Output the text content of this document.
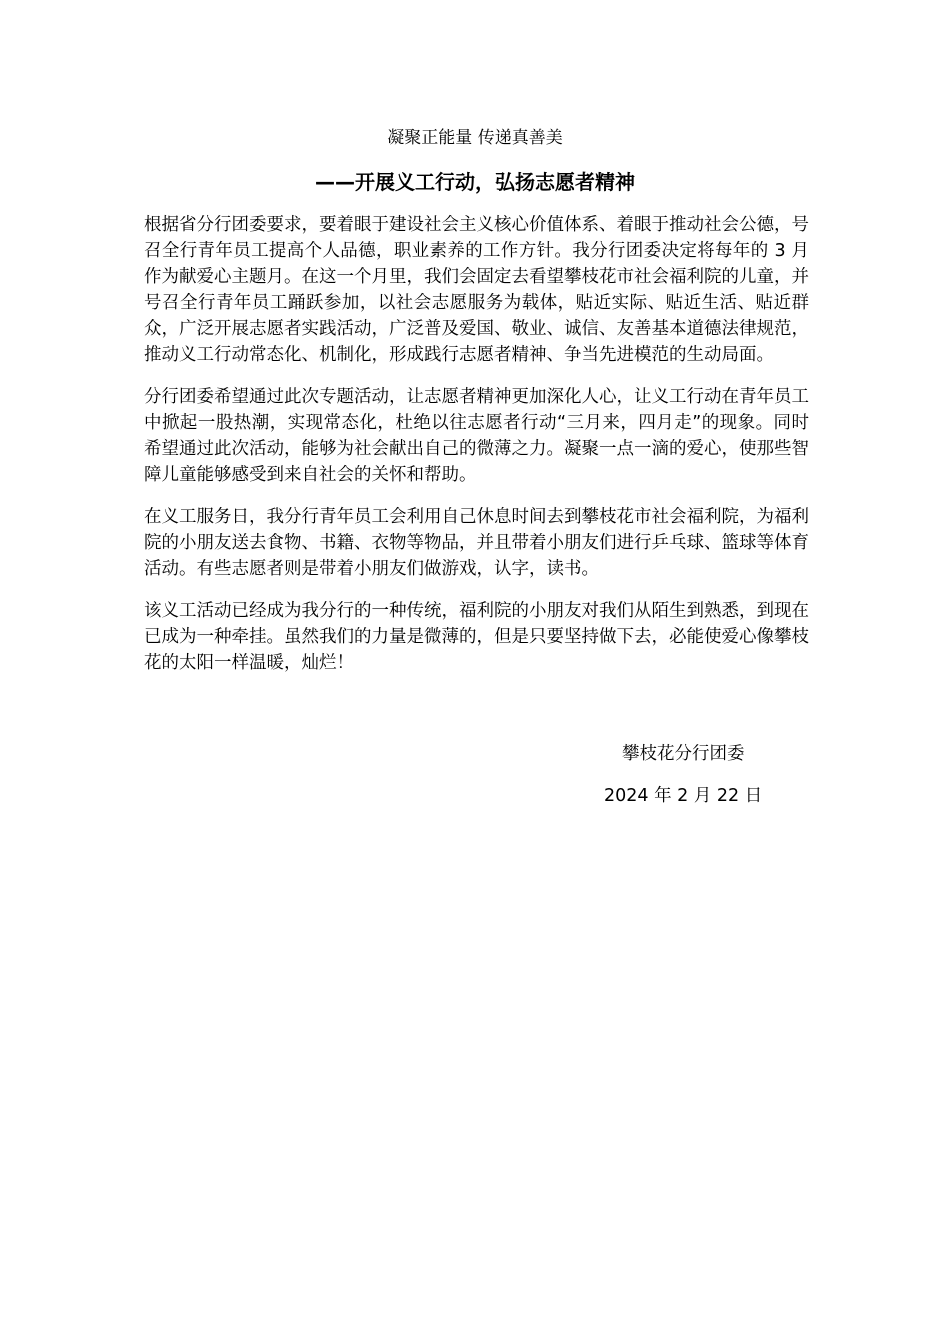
凝聚正能量 传递真善美
——开展义工行动，弘扬志愿者精神

根据省分行团委要求，要着眼于建设社会主义核心价值体系、着眼于推动社会公德，号召全行青年员工提高个人品德，职业素养的工作方针。我分行团委决定将每年的 3 月作为献爱心主题月。在这一个月里，我们会固定去看望攀枝花市社会福利院的儿童，并号召全行青年员工踊跃参加，以社会志愿服务为载体，贴近实际、贴近生活、贴近群众，广泛开展志愿者实践活动，广泛普及爱国、敬业、诚信、友善基本道德法律规范，推动义工行动常态化、机制化，形成践行志愿者精神、争当先进模范的生动局面。

分行团委希望通过此次专题活动，让志愿者精神更加深化人心，让义工行动在青年员工中掀起一股热潮，实现常态化，杜绝以往志愿者行动“三月来，四月走”的现象。同时希望通过此次活动，能够为社会献出自己的微薄之力。凝聚一点一滴的爱心，使那些智障儿童能够感受到来自社会的关怀和帮助。

在义工服务日，我分行青年员工会利用自己休息时间去到攀枝花市社会福利院，为福利院的小朋友送去食物、书籍、衣物等物品，并且带着小朋友们进行乒乓球、篮球等体育活动。有些志愿者则是带着小朋友们做游戏，认字，读书。

该义工活动已经成为我分行的一种传统，福利院的小朋友对我们从陌生到熟悉，到现在已成为一种牵挂。虽然我们的力量是微薄的，但是只要坚持做下去，必能使爱心像攀枝花的太阳一样温暖，灿烂！

攀枝花分行团委
2024 年 2 月 22 日
